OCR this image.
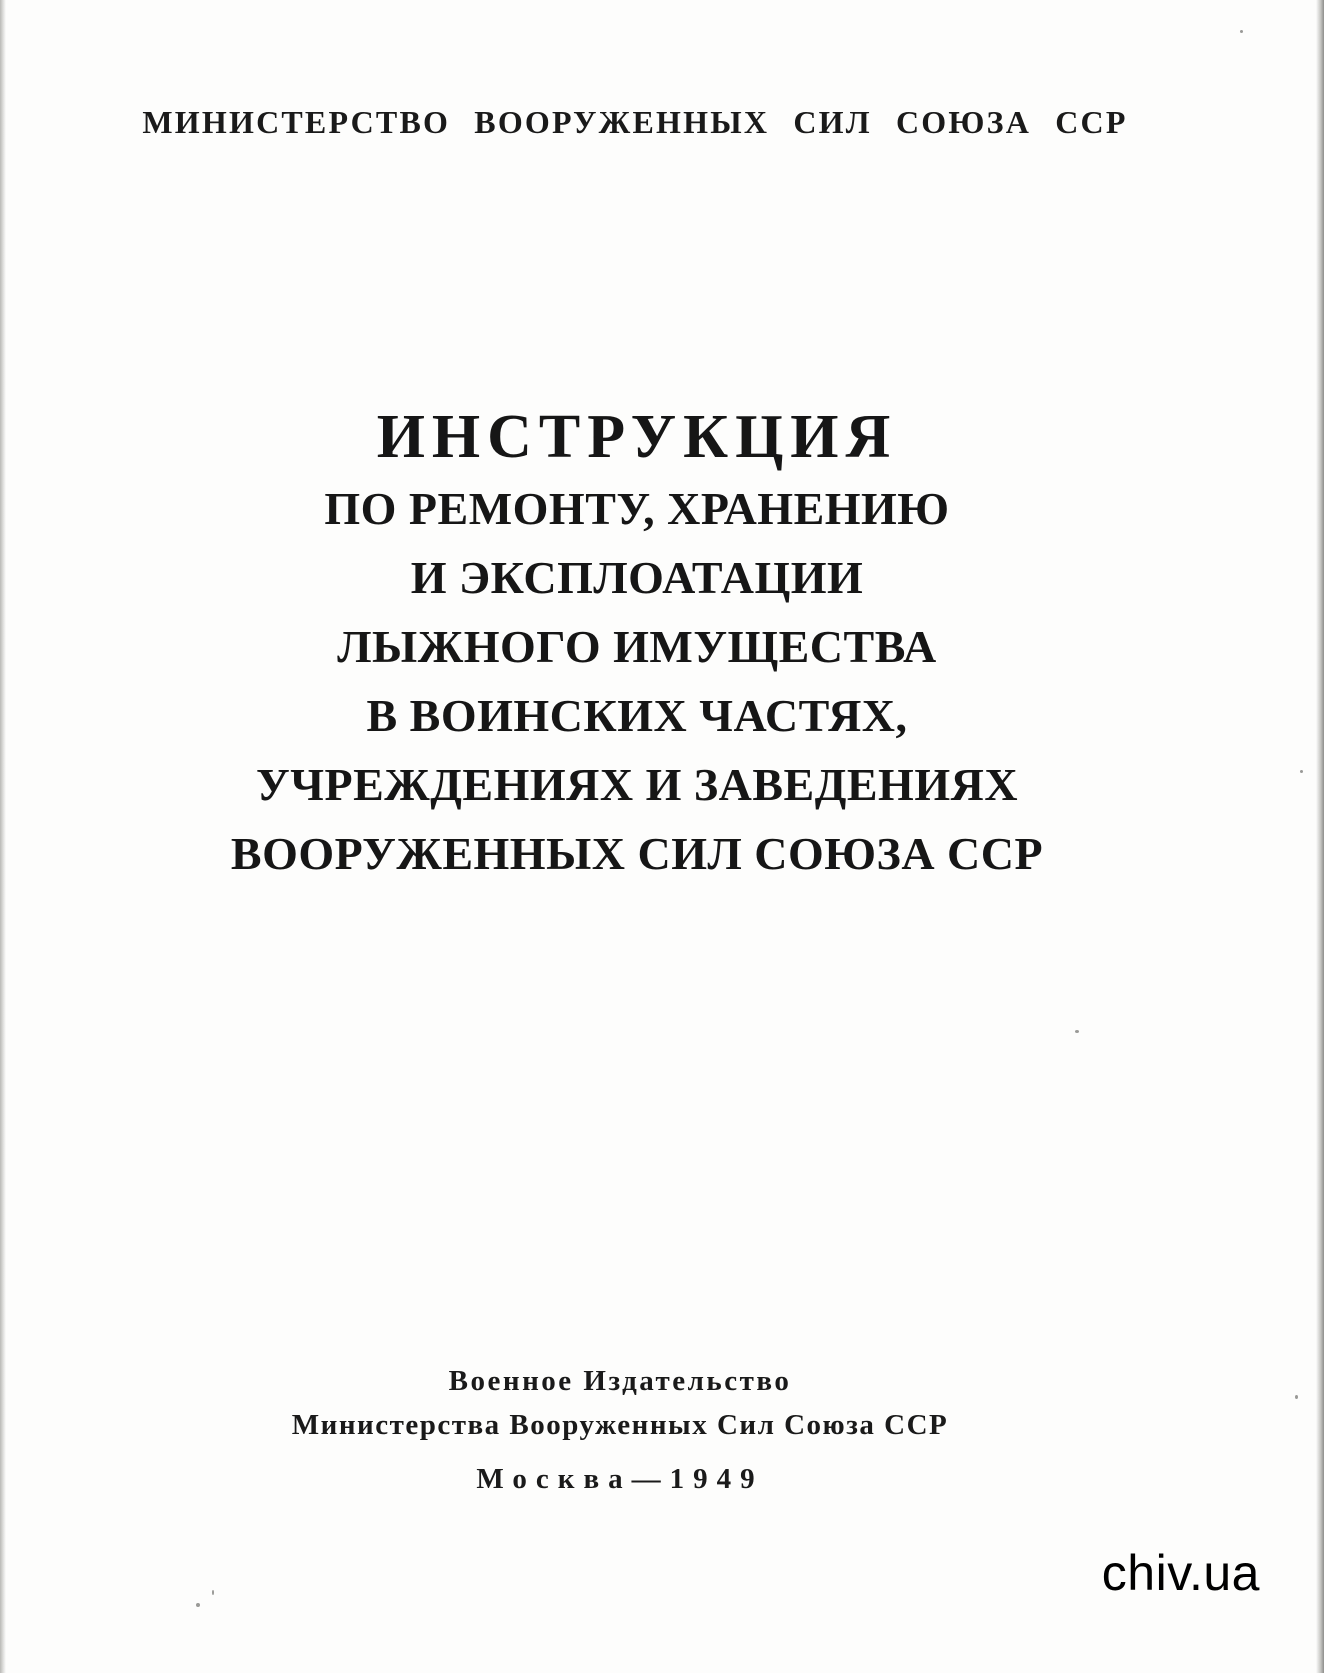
МИНИСТЕРСТВО ВООРУЖЕННЫХ СИЛ СОЮЗА ССР
ИНСТРУКЦИЯ
ПО РЕМОНТУ, ХРАНЕНИЮ
И ЭКСПЛОАТАЦИИ
ЛЫЖНОГО ИМУЩЕСТВА
В ВОИНСКИХ ЧАСТЯХ,
УЧРЕЖДЕНИЯХ И ЗАВЕДЕНИЯХ
ВООРУЖЕННЫХ СИЛ СОЮЗА ССР
Военное Издательство
Министерства Вооруженных Сил Союза ССР
Москва—1949
chiv.ua
